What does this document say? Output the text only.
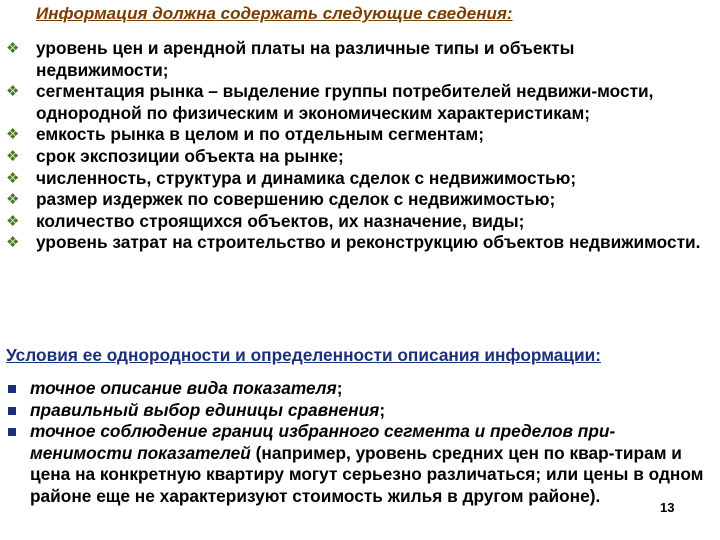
Информация должна содержать следующие сведения:
❖ уровень цен и арендной платы на различные типы и объекты недвижимости;
❖ сегментация рынка – выделение группы потребителей недвижи-мости, однородной по физическим и экономическим характеристикам;
❖ емкость рынка в целом и по отдельным сегментам;
❖ срок экспозиции объекта на рынке;
❖ численность, структура и динамика сделок с недвижимостью;
❖ размер издержек по совершению сделок с недвижимостью;
❖ количество строящихся объектов, их назначение, виды;
❖ уровень затрат на строительство и реконструкцию объектов недвижимости.
Условия ее однородности и определенности описания информации:
точное описание вида показателя;
правильный выбор единицы сравнения;
точное соблюдение границ избранного сегмента и пределов при-менимости показателей (например, уровень средних цен по квар-тирам и цена на конкретную квартиру могут серьезно различаться; или цены в одном районе еще не характеризуют стоимость жилья в другом районе).
13
